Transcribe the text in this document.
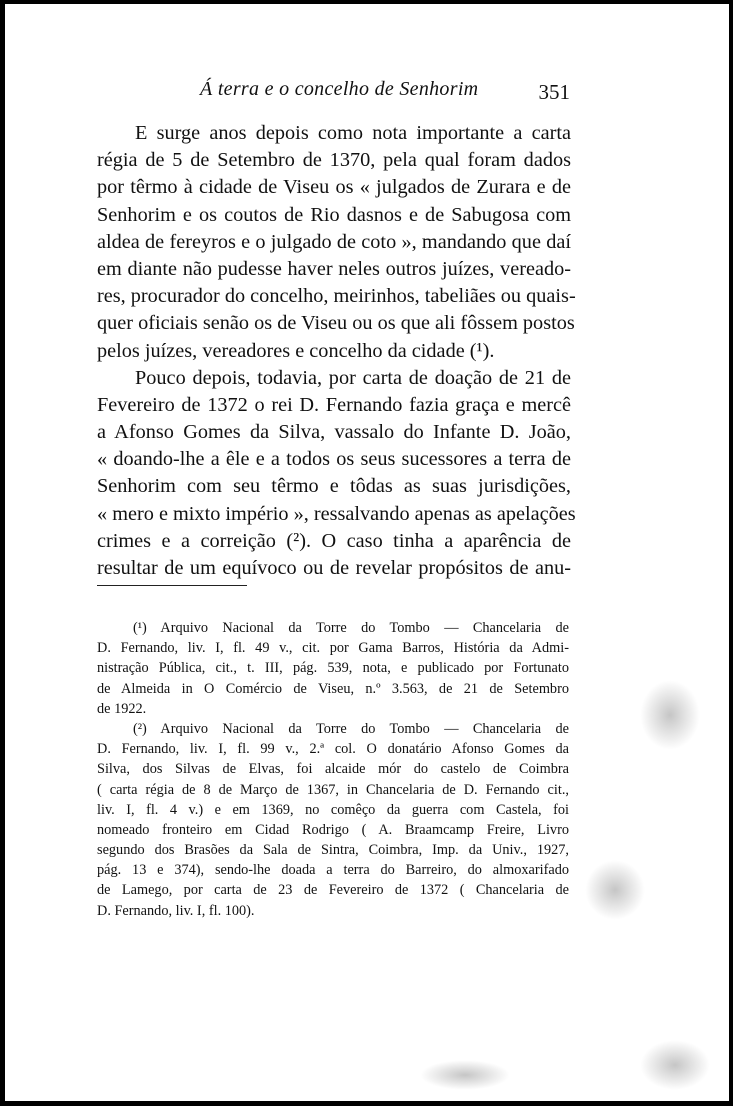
Á terra e o concelho de Senhorim	351
E surge anos depois como nota importante a carta
régia de 5 de Setembro de 1370, pela qual foram dados
por têrmo à cidade de Viseu os « julgados de Zurara e de
Senhorim e os coutos de Rio dasnos e de Sabugosa com
aldea de fereyros e o julgado de coto », mandando que daí
em diante não pudesse haver neles outros juízes, vereado-
res, procurador do concelho, meirinhos, tabeliães ou quais-
quer oficiais senão os de Viseu ou os que ali fôssem postos
pelos juízes, vereadores e concelho da cidade (¹).
Pouco depois, todavia, por carta de doação de 21 de
Fevereiro de 1372 o rei D. Fernando fazia graça e mercê
a Afonso Gomes da Silva, vassalo do Infante D. João,
« doando-lhe a êle e a todos os seus sucessores a terra de
Senhorim com seu têrmo e tôdas as suas jurisdições,
« mero e mixto império », ressalvando apenas as apelações
crimes e a correição (²). O caso tinha a aparência de
resultar de um equívoco ou de revelar propósitos de anu-
(¹) Arquivo Nacional da Torre do Tombo — Chancelaria de
D. Fernando, liv. I, fl. 49 v., cit. por Gama Barros, História da Admi-
nistração Pública, cit., t. III, pág. 539, nota, e publicado por Fortunato
de Almeida in O Comércio de Viseu, n.º 3.563, de 21 de Setembro
de 1922.
(²) Arquivo Nacional da Torre do Tombo — Chancelaria de
D. Fernando, liv. I, fl. 99 v., 2.ª col. O donatário Afonso Gomes da
Silva, dos Silvas de Elvas, foi alcaide mór do castelo de Coimbra
( carta régia de 8 de Março de 1367, in Chancelaria de D. Fernando cit.,
liv. I, fl. 4 v.) e em 1369, no comêço da guerra com Castela, foi
nomeado fronteiro em Cidad Rodrigo ( A. Braamcamp Freire, Livro
segundo dos Brasões da Sala de Sintra, Coimbra, Imp. da Univ., 1927,
pág. 13 e 374), sendo-lhe doada a terra do Barreiro, do almoxarifado
de Lamego, por carta de 23 de Fevereiro de 1372 ( Chancelaria de
D. Fernando, liv. I, fl. 100).
